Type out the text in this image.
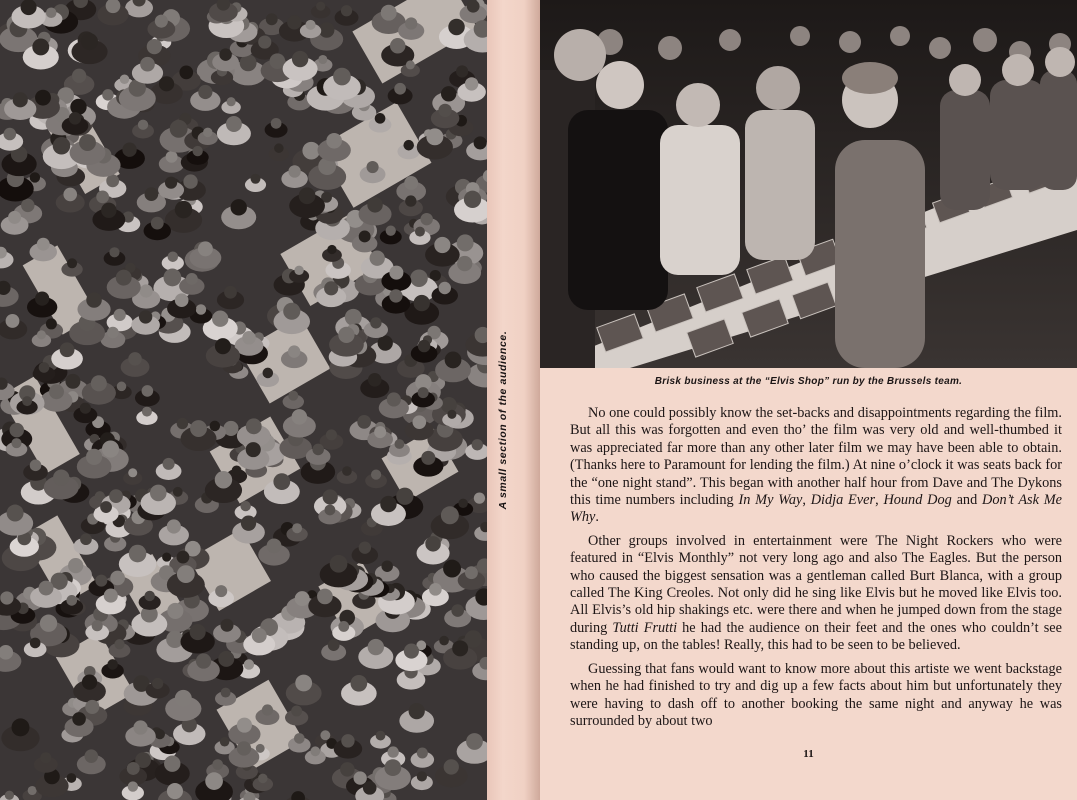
A small section of the audience.	Brisk business at the “Elvis Shop” run by the Brussels team.

No one could possibly know the set-backs and disappointments regarding the film. But all this was forgotten and even tho’ the film was very old and well-thumbed it was appreciated far more than any other later film we may have been able to obtain. (Thanks here to Paramount for lending the film.) At nine o’clock it was seats back for the “one night stand”. This began with another half hour from Dave and The Dykons this time numbers including In My Way, Didja Ever, Hound Dog and Don’t Ask Me Why.

Other groups involved in entertainment were The Night Rockers who were featured in “Elvis Monthly” not very long ago and also The Eagles. But the person who caused the biggest sensation was a gentleman called Burt Blanca, with a group called The King Creoles. Not only did he sing like Elvis but he moved like Elvis too. All Elvis’s old hip shakings etc. were there and when he jumped down from the stage during Tutti Frutti he had the audience on their feet and the ones who couldn’t see standing up, on the tables! Really, this had to be seen to be believed.

Guessing that fans would want to know more about this artiste we went backstage when he had finished to try and dig up a few facts about him but unfortunately they were having to dash off to another booking the same night and anyway he was surrounded by about two

11
